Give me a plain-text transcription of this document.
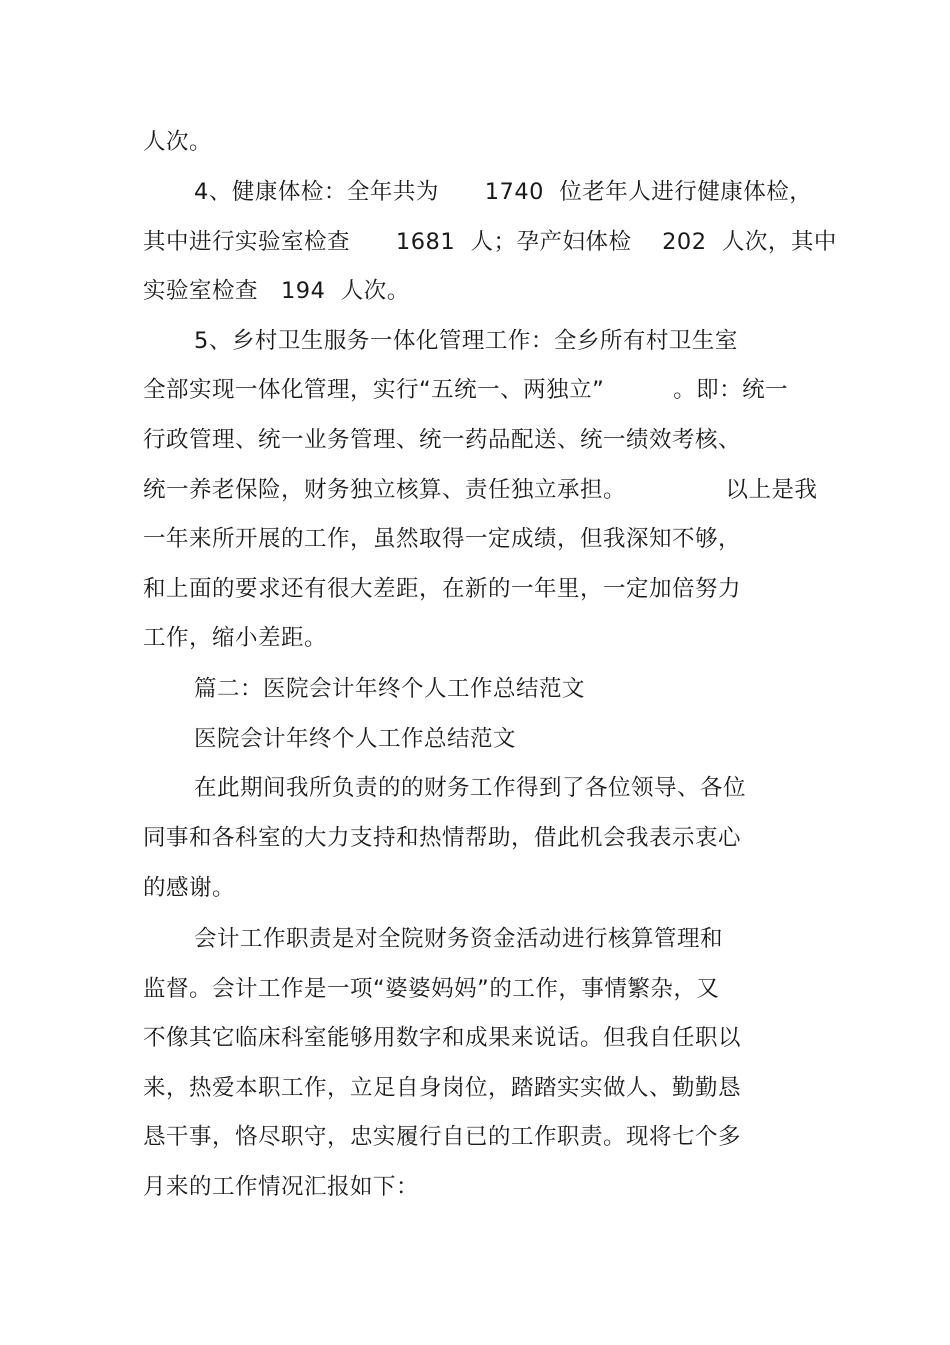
人次。

4、健康体检：全年共为      1740  位老年人进行健康体检，

其中进行实验室检查      1681  人；孕产妇体检    202  人次，其中

实验室检查   194  人次。

5、乡村卫生服务一体化管理工作：全乡所有村卫生室

全部实现一体化管理，实行“五统一、两独立”         。即：统一

行政管理、统一业务管理、统一药品配送、统一绩效考核、

统一养老保险，财务独立核算、责任独立承担。             以上是我

一年来所开展的工作，虽然取得一定成绩，但我深知不够，

和上面的要求还有很大差距，在新的一年里，一定加倍努力

工作，缩小差距。

篇二：医院会计年终个人工作总结范文

医院会计年终个人工作总结范文

在此期间我所负责的的财务工作得到了各位领导、各位

同事和各科室的大力支持和热情帮助，借此机会我表示衷心

的感谢。

会计工作职责是对全院财务资金活动进行核算管理和

监督。会计工作是一项“婆婆妈妈”的工作，事情繁杂，又

不像其它临床科室能够用数字和成果来说话。但我自任职以

来，热爱本职工作，立足自身岗位，踏踏实实做人、勤勤恳

恳干事，恪尽职守，忠实履行自已的工作职责。现将七个多

月来的工作情况汇报如下：
